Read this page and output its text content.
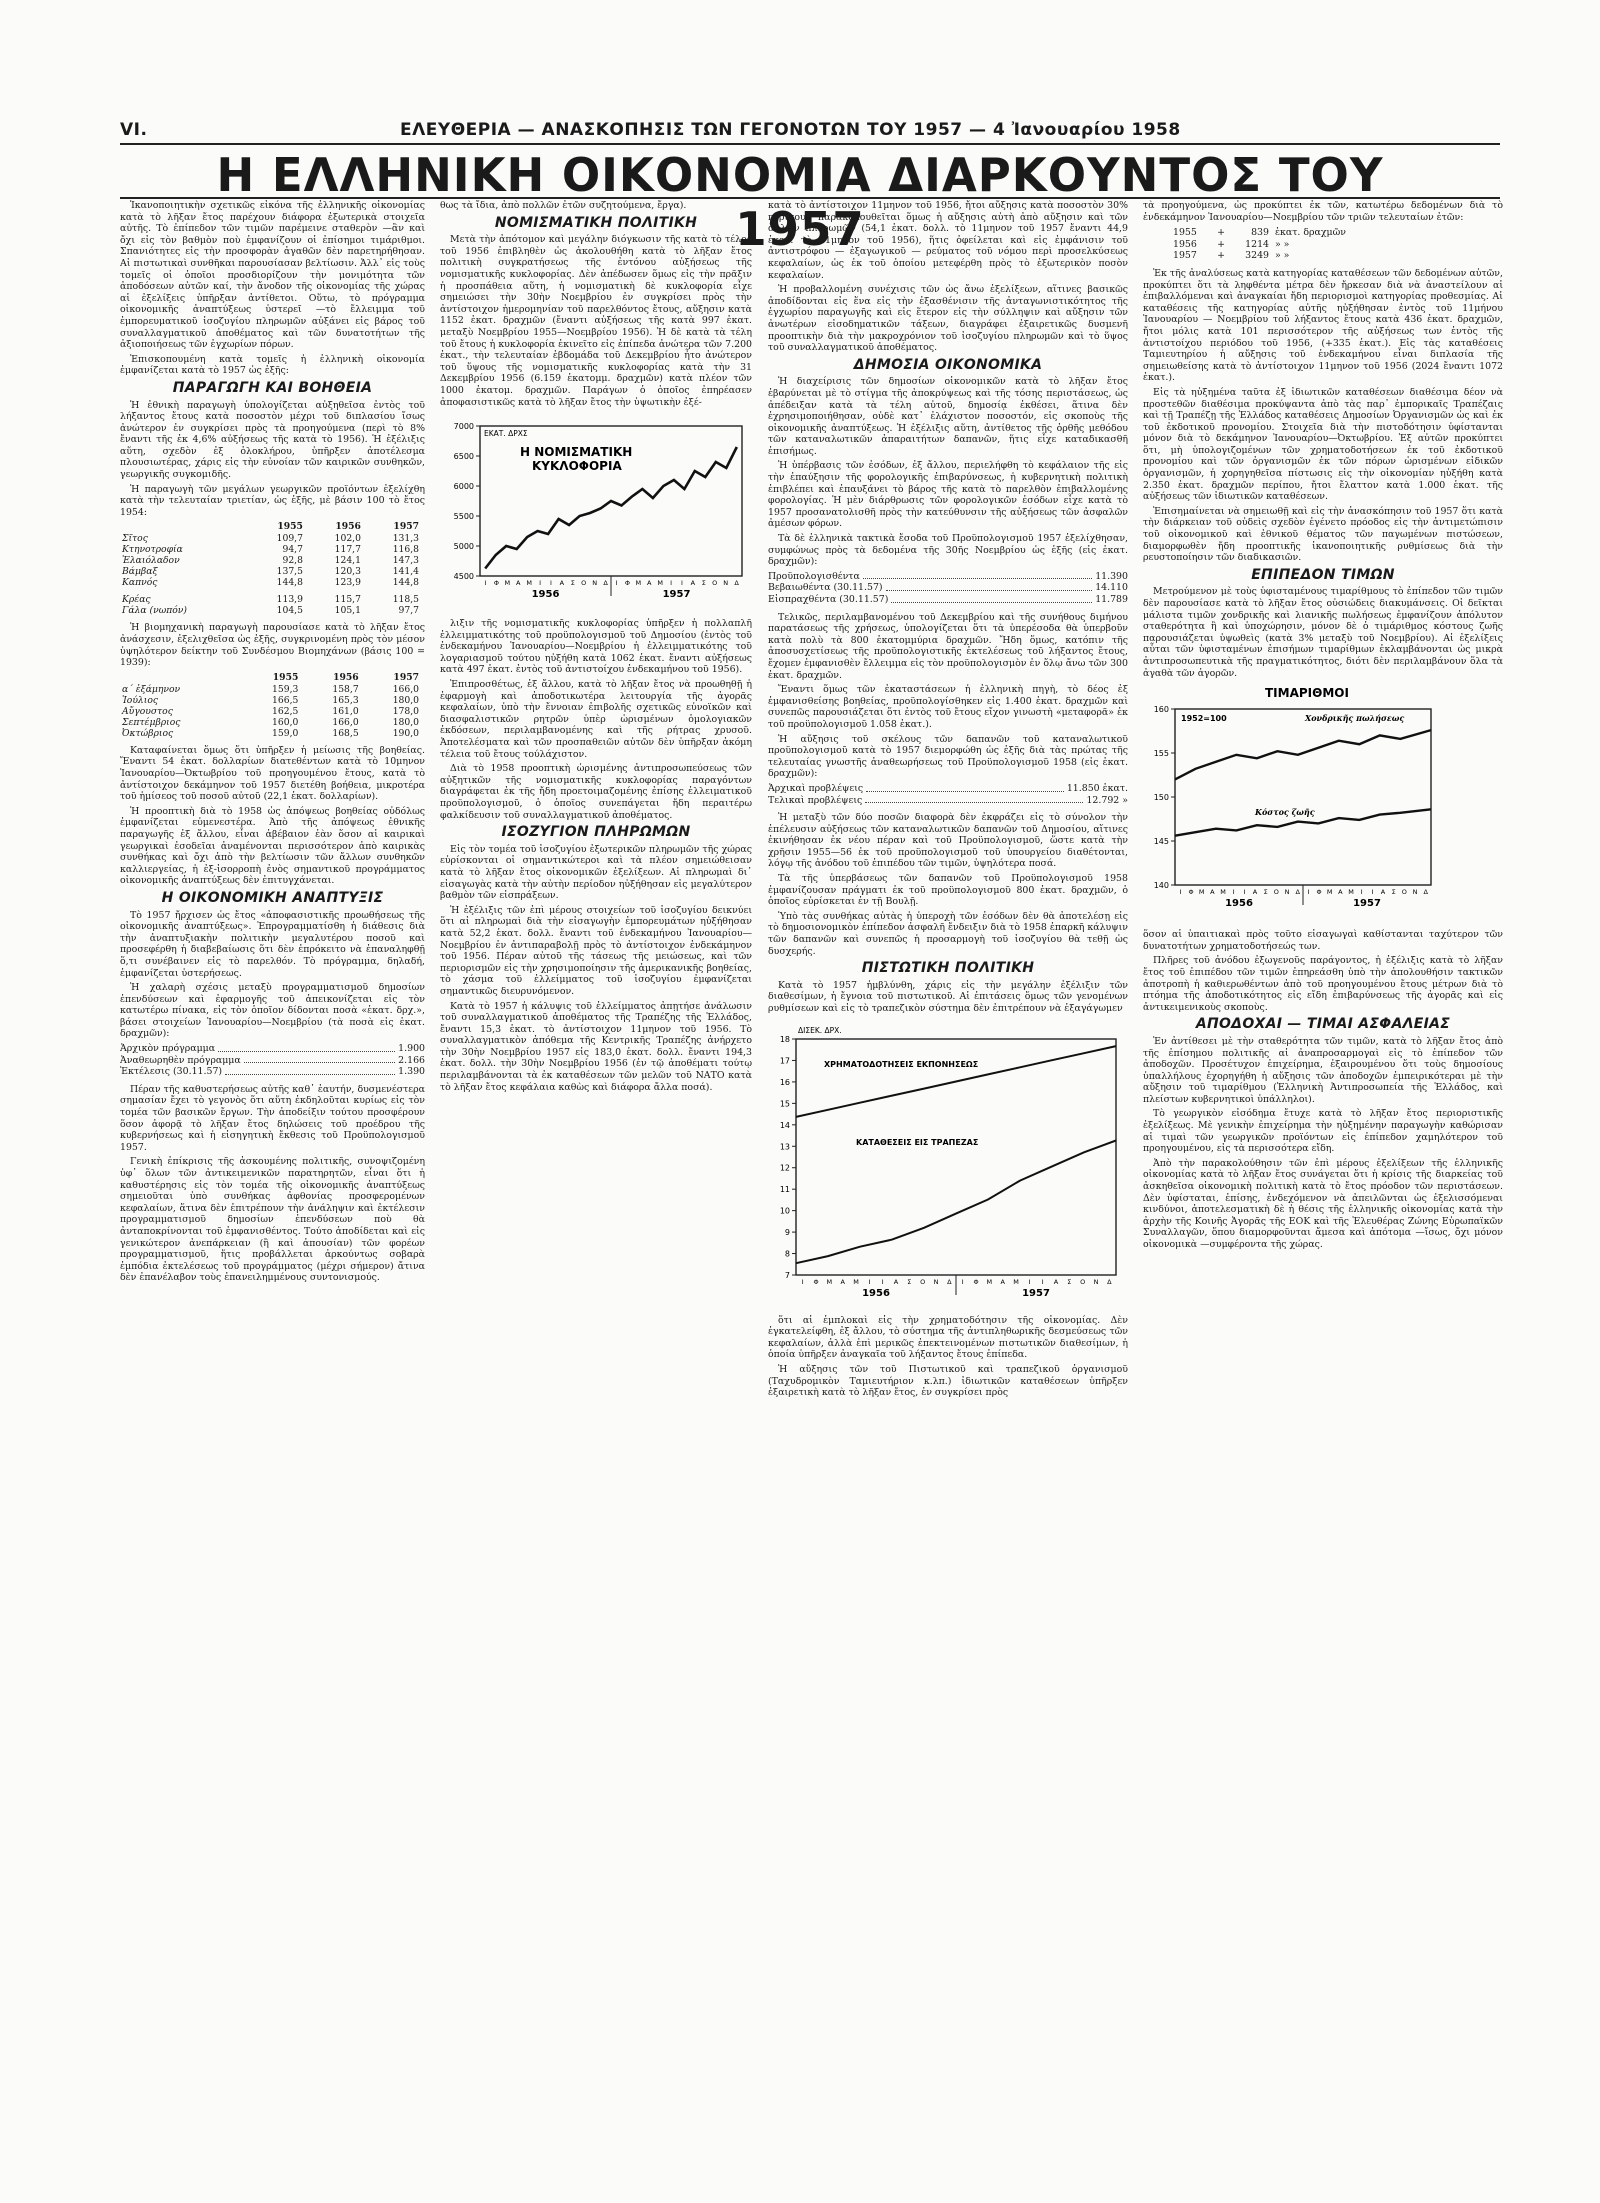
VI.	ΕΛΕΥΘΕΡΙΑ — ΑΝΑΣΚΟΠΗΣΙΣ ΤΩΝ ΓΕΓΟΝΟΤΩΝ ΤΟΥ 1957 — 4 Ἰανουαρίου 1958
Η ΕΛΛΗΝΙΚΗ ΟΙΚΟΝΟΜΙΑ ΔΙΑΡΚΟΥΝΤΟΣ ΤΟΥ 1957

Ἱκανοποιητικὴν σχετικῶς εἰκόνα τῆς ἑλληνικῆς οἰκονομίας κατὰ τὸ λῆξαν ἔτος παρέχουν διάφορα ἐξωτερικὰ στοιχεῖα αὐτῆς. Τὸ ἐπίπεδον τῶν τιμῶν παρέμεινε σταθερὸν —ἂν καὶ ὄχι εἰς τὸν βαθμὸν ποὺ ἐμφανίζουν οἱ ἐπίσημοι τιμάριθμοι. Σπανιότητες εἰς τὴν προσφορὰν ἀγαθῶν δὲν παρετηρήθησαν. Αἱ πιστωτικαὶ συνθῆκαι παρουσίασαν βελτίωσιν. Ἀλλ᾽ εἰς τοὺς τομεῖς οἱ ὁποῖοι προσδιορίζουν τὴν μονιμότητα τῶν ἀποδόσεων αὐτῶν καί, τὴν ἄνοδον τῆς οἰκονομίας τῆς χώρας αἱ ἐξελίξεις ὑπῆρξαν ἀντίθετοι. Οὕτω, τὸ πρόγραμμα οἰκονομικῆς ἀναπτύξεως ὑστερεῖ —τὸ ἔλλειμμα τοῦ ἐμπορευματικοῦ ἰσοζυγίου πληρωμῶν αὐξάνει εἰς βάρος τοῦ συναλλαγματικοῦ ἀποθέματος καὶ τῶν δυνατοτήτων τῆς ἀξιοποιήσεως τῶν ἐγχωρίων πόρων.

Ἐπισκοπουμένη κατὰ τομεῖς ἡ ἑλληνικὴ οἰκονομία ἐμφανίζεται κατὰ τὸ 1957 ὡς ἑξῆς:

ΠΑΡΑΓΩΓΗ ΚΑΙ ΒΟΗΘΕΙΑ

Ἡ ἐθνικὴ παραγωγὴ ὑπολογίζεται αὐξηθεῖσα ἐντὸς τοῦ λήξαντος ἔτους κατὰ ποσοστὸν μέχρι τοῦ διπλασίου ἴσως ἀνώτερον ἐν συγκρίσει πρὸς τὰ προηγούμενα (περὶ τὸ 8% ἔναντι τῆς ἐκ 4,6% αὐξήσεως τῆς κατὰ τὸ 1956). Ἡ ἐξέλιξις αὕτη, σχεδὸν ἐξ ὁλοκλήρου, ὑπῆρξεν ἀποτέλεσμα πλουσιωτέρας, χάρις εἰς τὴν εὐνοίαν τῶν καιρικῶν συνθηκῶν, γεωργικῆς συγκομιδῆς.

Ἡ παραγωγὴ τῶν μεγάλων γεωργικῶν προϊόντων ἐξελίχθη κατὰ τὴν τελευταίαν τριετίαν, ὡς ἑξῆς, μὲ βάσιν 100 τὸ ἔτος 1954:

	1955	1956	1957
Σῖτος	109,7	102,0	131,3
Κτηνοτροφία	94,7	117,7	116,8
Ἐλαιόλαδον	92,8	124,1	147,3
Βάμβαξ	137,5	120,3	141,4
Καπνός	144,8	123,9	144,8

Κρέας	113,9	115,7	118,5
Γάλα (νωπόν)	104,5	105,1	97,7

Ἡ βιομηχανικὴ παραγωγὴ παρουσίασε κατὰ τὸ λῆξαν ἔτος ἀνάσχεσιν, ἐξελιχθεῖσα ὡς ἑξῆς, συγκρινομένη πρὸς τὸν μέσον ὑψηλότερον δείκτην τοῦ Συνδέσμου Βιομηχάνων (βάσις 100 = 1939):

	1955	1956	1957
α΄ ἑξάμηνον	159,3	158,7	166,0
Ἰούλιος	166,5	165,3	180,0
Αὔγουστος	162,5	161,0	178,0
Σεπτέμβριος	160,0	166,0	180,0
Ὀκτώβριος	159,0	168,5	190,0

Καταφαίνεται ὅμως ὅτι ὑπῆρξεν ἡ μείωσις τῆς βοηθείας. Ἔναντι 54 ἑκατ. δολλαρίων διατεθέντων κατὰ τὸ 10μηνον Ἰανουαρίου—Ὀκτωβρίου τοῦ προηγουμένου ἔτους, κατὰ τὸ ἀντίστοιχον δεκάμηνον τοῦ 1957 διετέθη βοήθεια, μικροτέρα τοῦ ἡμίσεος τοῦ ποσοῦ αὐτοῦ (22,1 ἑκατ. δολλαρίων).

Ἡ προοπτικὴ διὰ τὸ 1958 ὡς ἀπόψεως βοηθείας οὐδόλως ἐμφανίζεται εὐμενεστέρα. Ἀπὸ τῆς ἀπόψεως ἐθνικῆς παραγωγῆς ἐξ ἄλλου, εἶναι ἀβέβαιον ἐὰν ὅσον αἱ καιρικαὶ γεωργικαὶ ἐσοδεῖαι ἀναμένονται περισσότερον ἀπὸ καιρικὰς συνθήκας καὶ ὄχι ἀπὸ τὴν βελτίωσιν τῶν ἄλλων συνθηκῶν καλλιεργείας, ἡ ἐξ-ἰσορροπὴ ἐνὸς σημαντικοῦ προγράμματος οἰκονομικῆς ἀναπτύξεως δὲν ἐπιτυγχάνεται.

Η ΟΙΚΟΝΟΜΙΚΗ ΑΝΑΠΤΥΞΙΣ

Τὸ 1957 ἤρχισεν ὡς ἔτος «ἀποφασιστικῆς προωθήσεως τῆς οἰκονομικῆς ἀναπτύξεως». Ἐπρογραμματίσθη ἡ διάθεσις διὰ τὴν ἀναπτυξιακὴν πολιτικὴν μεγαλυτέρου ποσοῦ καὶ προσεφέρθη ἡ διαβεβαίωσις ὅτι δὲν ἐπρόκειτο νὰ ἐπαναληφθῇ ὅ,τι συνέβαινεν εἰς τὸ παρελθόν. Τὸ πρόγραμμα, δηλαδή, ἐμφανίζεται ὑστερήσεως.

Ἡ χαλαρὴ σχέσις μεταξὺ προγραμματισμοῦ δημοσίων ἐπενδύσεων καὶ ἐφαρμογῆς τοῦ ἀπεικονίζεται εἰς τὸν κατωτέρω πίνακα, εἰς τὸν ὁποῖον δίδονται ποσὰ «ἑκατ. δρχ.», βάσει στοιχείων Ἰανουαρίου—Νοεμβρίου (τὰ ποσὰ εἰς ἑκατ. δραχμῶν):

Ἀρχικὸν πρόγραμμα	1.900
Ἀναθεωρηθὲν πρόγραμμα	2.166
Ἐκτέλεσις (30.11.57)	1.390

Πέραν τῆς καθυστερήσεως αὐτῆς καθ᾽ ἑαυτήν, δυσμενέστερα σημασίαν ἔχει τὸ γεγονὸς ὅτι αὕτη ἐκδηλοῦται κυρίως εἰς τὸν τομέα τῶν βασικῶν ἔργων. Τὴν ἀποδείξιν τούτου προσφέρουν ὅσον ἀφορᾷ τὸ λῆξαν ἔτος δηλώσεις τοῦ προέδρου τῆς κυβερνήσεως καὶ ἡ εἰσηγητικὴ ἔκθεσις τοῦ Προϋπολογισμοῦ 1957.

Γενικὴ ἐπίκρισις τῆς ἀσκουμένης πολιτικῆς, συνοψιζομένη ὑφ᾽ ὅλων τῶν ἀντικειμενικῶν παρατηρητῶν, εἶναι ὅτι ἡ καθυστέρησις εἰς τὸν τομέα τῆς οἰκονομικῆς ἀναπτύξεως σημειοῦται ὑπὸ συνθήκας ἀφθονίας προσφερομένων κεφαλαίων, ἅτινα δὲν ἐπιτρέπουν τὴν ἀνάληψιν καὶ ἐκτέλεσιν προγραμματισμοῦ δημοσίων ἐπενδύσεων ποὺ θὰ ἀνταποκρίνονται τοῦ ἐμφανισθέντος. Τούτο ἀποδίδεται καὶ εἰς γενικώτερον ἀνεπάρκειαν (ἢ καὶ ἀπουσίαν) τῶν φορέων προγραμματισμοῦ, ἥτις προβάλλεται ἀρκούντως σοβαρὰ ἐμπόδια ἐκτελέσεως τοῦ προγράμματος (μέχρι σήμερον) ἄτινα δὲν ἐπανέλαβον τοὺς ἐπανειλημμένους συντονισμούς.

θως τὰ ἴδια, ἀπὸ πολλῶν ἐτῶν συζητούμενα, ἔργα).

ΝΟΜΙΣΜΑΤΙΚΗ ΠΟΛΙΤΙΚΗ

Μετὰ τὴν ἀπότομον καὶ μεγάλην διόγκωσιν τῆς κατὰ τὸ τέλος τοῦ 1956 ἐπιβληθὲν ὡς ἀκολουθήθη κατὰ τὸ λῆξαν ἔτος πολιτικὴ συγκρατήσεως τῆς ἐντόνου αὐξήσεως τῆς νομισματικῆς κυκλοφορίας. Δὲν ἀπέδωσεν ὅμως εἰς τὴν πρᾶξιν ἡ προσπάθεια αὕτη, ἡ νομισματικὴ δὲ κυκλοφορία εἶχε σημειώσει τὴν 30ὴν Νοεμβρίου ἐν συγκρίσει πρὸς τὴν ἀντίστοιχον ἡμερομηνίαν τοῦ παρελθόντος ἔτους, αὔξησιν κατὰ 1152 ἑκατ. δραχμῶν (ἔναντι αὐξήσεως τῆς κατὰ 997 ἑκατ. μεταξὺ Νοεμβρίου 1955—Νοεμβρίου 1956). Ἡ δὲ κατὰ τὰ τέλη τοῦ ἔτους ἡ κυκλοφορία ἐκινεῖτο εἰς ἐπίπεδα ἀνώτερα τῶν 7.200 ἑκατ., τὴν τελευταίαν ἑβδομάδα τοῦ Δεκεμβρίου ἦτο ἀνώτερον τοῦ ὕψους τῆς νομισματικῆς κυκλοφορίας κατὰ τὴν 31 Δεκεμβρίου 1956 (6.159 ἑκατομμ. δραχμῶν) κατὰ πλέον τῶν 1000 ἑκατομ. δραχμῶν. Παράγων ὁ ὁποῖος ἐπηρέασεν ἀποφασιστικῶς κατὰ τὸ λῆξαν ἔτος τὴν ὑψωτικὴν ἐξέ-

7000
6500
6000
5500
5000
4500
Ι Φ Μ Α Μ Ι Ι Α Σ Ο Ν Δ Ι Φ Μ Α Μ Ι Ι Α Σ Ο Ν Δ
1956	1957
ΕΚΑΤ. ΔΡΧΣ
Η ΝΟΜΙΣΜΑΤΙΚΗ
ΚΥΚΛΟΦΟΡΙΑ

λιξιν τῆς νομισματικῆς κυκλοφορίας ὑπῆρξεν ἡ πολλαπλῆ ἐλλειμματικότης τοῦ προϋπολογισμοῦ τοῦ Δημοσίου (ἐντὸς τοῦ ἑνδεκαμήνου Ἰανουαρίου—Νοεμβρίου ἡ ἐλλειμματικότης τοῦ λογαριασμοῦ τούτου ηὐξήθη κατὰ 1062 ἑκατ. ἔναντι αὐξήσεως κατὰ 497 ἑκατ. ἐντὸς τοῦ ἀντιστοίχου ἑνδεκαμήνου τοῦ 1956).

Ἐπιπροσθέτως, ἐξ ἄλλου, κατὰ τὸ λῆξαν ἔτος νὰ προωθηθῇ ἡ ἐφαρμογὴ καὶ ἀποδοτικωτέρα λειτουργία τῆς ἀγορᾶς κεφαλαίων, ὑπὸ τὴν ἔννοιαν ἐπιβολῆς σχετικῶς εὐνοϊκῶν καὶ διασφαλιστικῶν ρητρῶν ὑπὲρ ὡρισμένων ὁμολογιακῶν ἐκδόσεων, περιλαμβανομένης καὶ τῆς ρήτρας χρυσοῦ. Ἀποτελέσματα καὶ τῶν προσπαθειῶν αὐτῶν δὲν ὑπῆρξαν ἀκόμη τέλεια τοῦ ἔτους τούλάχιστον.

Διὰ τὸ 1958 προοπτικὴ ὡρισμένης ἀντιπροσωπεύσεως τῶν αὐξητικῶν τῆς νομισματικῆς κυκλοφορίας παραγόντων διαγράφεται ἐκ τῆς ἤδη προετοιμαζομένης ἐπίσης ἐλλειματικοῦ προϋπολογισμοῦ, ὁ ὁποῖος συνεπάγεται ἤδη περαιτέρω φαλκίδευσιν τοῦ συναλλαγματικοῦ ἀποθέματος.

ΙΣΟΖΥΓΙΟΝ ΠΛΗΡΩΜΩΝ

Εἰς τὸν τομέα τοῦ ἰσοζυγίου ἐξωτερικῶν πληρωμῶν τῆς χώρας εὑρίσκονται οἱ σημαντικώτεροι καὶ τὰ πλέον σημειώθεισαν κατὰ τὸ λῆξαν ἔτος οἰκονομικῶν ἐξελίξεων. Αἱ πληρωμαὶ δι᾽ εἰσαγωγὰς κατὰ τὴν αὐτὴν περίοδον ηὐξήθησαν εἰς μεγαλύτερον βαθμὸν τῶν εἰσπράξεων.

Ἡ ἐξέλιξις τῶν ἐπὶ μέρους στοιχείων τοῦ ἰσοζυγίου δεικνύει ὅτι αἱ πληρωμαὶ διὰ τὴν εἰσαγωγὴν ἐμπορευμάτων ηὐξήθησαν κατὰ 52,2 ἑκατ. δολλ. ἔναντι τοῦ ἑνδεκαμήνου Ἰανουαρίου—Νοεμβρίου ἐν ἀντιπαραβολῇ πρὸς τὸ ἀντίστοιχον ἑνδεκάμηνον τοῦ 1956. Πέραν αὐτοῦ τῆς τάσεως τῆς μειώσεως, καὶ τῶν περιορισμῶν εἰς τὴν χρησιμοποίησιν τῆς ἀμερικανικῆς βοηθείας, τὸ χάσμα τοῦ ἐλλείμματος τοῦ ἰσοζυγίου ἐμφανίζεται σημαντικῶς διευρυνόμενον.

Κατὰ τὸ 1957 ἡ κάλυψις τοῦ ἐλλείμματος ἀπῃτήσε ἀνάλωσιν τοῦ συναλλαγματικοῦ ἀποθέματος τῆς Τραπέζης τῆς Ἑλλάδος, ἔναντι 15,3 ἑκατ. τὸ ἀντίστοιχον 11μηνον τοῦ 1956. Τὸ συναλλαγματικὸν ἀπόθεμα τῆς Κεντρικῆς Τραπέζης ἀνήρχετο τὴν 30ὴν Νοεμβρίου 1957 εἰς 183,0 ἑκατ. δολλ. ἔναντι 194,3 ἑκατ. δολλ. τὴν 30ὴν Νοεμβρίου 1956 (ἐν τῷ ἀποθέματι τούτῳ περιλαμβάνονται τὰ ἐκ καταθέσεων τῶν μελῶν τοῦ ΝΑΤΟ κατὰ τὸ λῆξαν ἔτος κεφάλαια καθὼς καὶ διάφορα ἄλλα ποσά).

κατὰ τὸ ἀντίστοιχον 11μηνον τοῦ 1956, ἤτοι αὔξησις κατὰ ποσοστὸν 30% περίπου), παρακολουθεῖται ὅμως ἡ αὔξησις αὐτὴ ἀπὸ αὔξησιν καὶ τῶν ἄλλων πληρωμῶν (54,1 ἑκατ. δολλ. τὸ 11μηνον τοῦ 1957 ἔναντι 44,9 ἑκατ. τὸ 11μηνον τοῦ 1956), ἥτις ὀφείλεται καὶ εἰς ἐμφάνισιν τοῦ ἀντιστρόφου — ἐξαγωγικοῦ — ρεύματος τοῦ νόμου περὶ προσελκύσεως κεφαλαίων, ὡς ἐκ τοῦ ὁποίου μετεφέρθη πρὸς τὸ ἐξωτερικὸν ποσὸν κεφαλαίων.

Ἡ προβαλλομένη συνέχισις τῶν ὡς ἄνω ἐξελίξεων, αἵτινες βασικῶς ἀποδίδονται εἰς ἕνα εἰς τὴν ἐξασθένισιν τῆς ἀνταγωνιστικότητος τῆς ἐγχωρίου παραγωγῆς καὶ εἰς ἕτερον εἰς τὴν σύλληψιν καὶ αὔξησιν τῶν ἀνωτέρων εἰσοδηματικῶν τάξεων, διαγράφει ἐξαιρετικῶς δυσμενῆ προοπτικὴν διὰ τὴν μακροχρόνιον τοῦ ἰσοζυγίου πληρωμῶν καὶ τὸ ὕψος τοῦ συναλλαγματικοῦ ἀποθέματος.

ΔΗΜΟΣΙΑ ΟΙΚΟΝΟΜΙΚΑ

Ἡ διαχείρισις τῶν δημοσίων οἰκονομικῶν κατὰ τὸ λῆξαν ἔτος ἐβαρύνεται μὲ τὸ στίγμα τῆς ἀποκρύψεως καὶ τῆς τόσης περιστάσεως, ὡς ἀπέδειξαν κατὰ τὰ τέλη αὐτοῦ, δημοσίᾳ ἐκθέσει, ἅτινα δὲν ἐχρησιμοποιήθησαν, οὐδὲ κατ᾽ ἐλάχιστον ποσοστόν, εἰς σκοποὺς τῆς οἰκονομικῆς ἀναπτύξεως. Ἡ ἐξέλιξις αὕτη, ἀντίθετος τῆς ὀρθῆς μεθόδου τῶν καταναλωτικῶν ἀπαραιτήτων δαπανῶν, ἥτις εἶχε καταδικασθῆ ἐπισήμως.

Ἡ ὑπέρβασις τῶν ἐσόδων, ἐξ ἄλλου, περιελήφθη τὸ κεφάλαιον τῆς εἰς τὴν ἐπαύξησιν τῆς φορολογικῆς ἐπιβαρύνσεως, ἡ κυβερνητικὴ πολιτικὴ ἐπιβλέπει καὶ ἐπαυξάνει τὸ βάρος τῆς κατὰ τὸ παρελθὸν ἐπιβαλλομένης φορολογίας. Ἡ μὲν διάρθρωσις τῶν φορολογικῶν ἐσόδων εἶχε κατὰ τὸ 1957 προσανατολισθῆ πρὸς τὴν κατεύθυνσιν τῆς αὐξήσεως τῶν ἀσφαλῶν ἀμέσων φόρων.

Τὰ δὲ ἑλληνικὰ τακτικὰ ἔσοδα τοῦ Προϋπολογισμοῦ 1957 ἐξελίχθησαν, συμφώνως πρὸς τὰ δεδομένα τῆς 30ῆς Νοεμβρίου ὡς ἑξῆς (εἰς ἑκατ. δραχμῶν):

Προϋπολογισθέντα	11.390
Βεβαιωθέντα (30.11.57)	14.110
Εἰσπραχθέντα (30.11.57)	11.789

Τελικῶς, περιλαμβανομένου τοῦ Δεκεμβρίου καὶ τῆς συνήθους διμήνου παρατάσεως τῆς χρήσεως, ὑπολογίζεται ὅτι τὰ ὑπερέσοδα θὰ ὑπερβοῦν κατὰ πολὺ τὰ 800 ἑκατομμύρια δραχμῶν. Ἤδη ὅμως, κατόπιν τῆς ἀποσυσχετίσεως τῆς προϋπολογιστικῆς ἐκτελέσεως τοῦ λήξαντος ἔτους, ἔχομεν ἐμφανισθὲν ἔλλειμμα εἰς τὸν προϋπολογισμὸν ἐν ὅλῳ ἄνω τῶν 300 ἑκατ. δραχμῶν.

Ἔναντι ὅμως τῶν ἐκαταστάσεων ἡ ἐλληνικὴ πηγὴ, τὸ δέος ἐξ ἐμφανισθείσης βοηθείας, προϋπολογίσθηκεν εἰς 1.400 ἑκατ. δραχμῶν καὶ συνεπῶς παρουσιάζεται ὅτι ἐντὸς τοῦ ἔτους εἴχον γινωστὴ «μεταφορᾶ» ἐκ τοῦ προϋπολογισμοῦ 1.058 ἑκατ.).

Ἡ αὔξησις τοῦ σκέλους τῶν δαπανῶν τοῦ καταναλωτικοῦ προϋπολογισμοῦ κατὰ τὸ 1957 διεμορφώθη ὡς ἑξῆς διὰ τὰς πρώτας τῆς τελευταίας γνωστῆς ἀναθεωρήσεως τοῦ Προϋπολογισμοῦ 1958 (εἰς ἑκατ. δραχμῶν):

Ἀρχικαὶ προβλέψεις	11.850 ἑκατ.
Τελικαὶ προβλέψεις	12.792 »

Ἡ μεταξὺ τῶν δύο ποσῶν διαφορὰ δὲν ἐκφράζει εἰς τὸ σύνολον τὴν ἐπέλευσιν αὐξήσεως τῶν καταναλωτικῶν δαπανῶν τοῦ Δημοσίου, αἵτινες ἐκινήθησαν ἐκ νέου πέραν καὶ τοῦ Προϋπολογισμοῦ, ὥστε κατὰ τὴν χρῆσιν 1955—56 ἐκ τοῦ προϋπολογισμοῦ τοῦ ὑπουργείου διαθέτονται, λόγῳ τῆς ἀνόδου τοῦ ἐπιπέδου τῶν τιμῶν, ὑψηλότερα ποσά.

Τὰ τῆς ὑπερβάσεως τῶν δαπανῶν τοῦ Προϋπολογισμοῦ 1958 ἐμφανίζουσαν πράγματι ἐκ τοῦ προϋπολογισμοῦ 800 ἑκατ. δραχμῶν, ὁ ὁποῖος εὑρίσκεται ἐν τῇ Βουλῇ.

Ὑπὸ τὰς συνθήκας αὐτὰς ἡ ὑπεροχὴ τῶν ἐσόδων δὲν θὰ ἀποτελέσῃ εἰς τὸ δημοσιονομικὸν ἐπίπεδον ἀσφαλῆ ἔνδειξιν διὰ τὸ 1958 ἐπαρκῆ κάλυψιν τῶν δαπανῶν καὶ συνεπῶς ἡ προσαρμογὴ τοῦ ἰσοζυγίου θὰ τεθῇ ὡς δυσχερής.

ΠΙΣΤΩΤΙΚΗ ΠΟΛΙΤΙΚΗ

Κατὰ τὸ 1957 ἠμβλύνθη, χάρις εἰς τὴν μεγάλην ἐξέλιξιν τῶν διαθεσίμων, ἡ ἔγνοια τοῦ πιστωτικοῦ. Αἱ ἐπιτάσεις ὅμως τῶν γενομένων ρυθμίσεων καὶ εἰς τὸ τραπεζικὸν σύστημα δὲν ἐπιτρέπουν νὰ ἐξαγάγωμεν

18
17
16
15
14
13
12
11
10
9
8
7
Ι Φ Μ Α Μ Ι Ι Α Σ Ο Ν Δ Ι Φ Μ Α Μ Ι Ι Α Σ Ο Ν Δ
1956	1957
ΔΙΣΕΚ. ΔΡΧ.
ΧΡΗΜΑΤΟΔΟΤΗΣΕΙΣ ΕΚΠΟΝΗΣΕΩΣ
ΚΑΤΑΘΕΣΕΙΣ ΕΙΣ ΤΡΑΠΕΖΑΣ

ὅτι αἱ ἐμπλοκαὶ εἰς τὴν χρηματοδότησιν τῆς οἰκονομίας. Δὲν ἐγκατελείφθη, ἐξ ἄλλου, τὸ σύστημα τῆς ἀντιπληθωρικῆς δεσμεύσεως τῶν κεφαλαίων, ἀλλὰ ἐπὶ μερικῶς ἐπεκτεινομένων πιστωτικῶν διαθεσίμων, ἡ ὁποία ὑπῆρξεν ἀναγκαῖα τοῦ λήξαντος ἔτους ἐπίπεδα.

Ἡ αὔξησις τῶν τοῦ Πιστωτικοῦ καὶ τραπεζικοῦ ὀργανισμοῦ (Ταχυδρομικὸν Ταμιευτήριον κ.λπ.) ἰδιωτικῶν καταθέσεων ὑπῆρξεν ἐξαιρετικὴ κατὰ τὸ λῆξαν ἔτος, ἐν συγκρίσει πρὸς

τὰ προηγούμενα, ὡς προκύπτει ἐκ τῶν, κατωτέρω δεδομένων διὰ τὸ ἑνδεκάμηνον Ἰανουαρίου—Νοεμβρίου τῶν τριῶν τελευταίων ἐτῶν:

1955 +	839 ἑκατ. δραχμῶν
1956 + 1214 » »
1957 + 3249 » »

Ἐκ τῆς ἀναλύσεως κατὰ κατηγορίας καταθέσεων τῶν δεδομένων αὐτῶν, προκύπτει ὅτι τὰ ληφθέντα μέτρα δὲν ἤρκεσαν διὰ νὰ ἀναστείλουν αἱ ἐπιβαλλόμεναι καὶ ἀναγκαίαι ἤδη περιορισμοὶ κατηγορίας προθεσμίας. Αἱ καταθέσεις τῆς κατηγορίας αὐτῆς ηὐξήθησαν ἐντὸς τοῦ 11μήνου Ἰανουαρίου — Νοεμβρίου τοῦ λήξαντος ἔτους κατὰ 436 ἑκατ. δραχμῶν, ἤτοι μόλις κατὰ 101 περισσότερον τῆς αὐξήσεως των ἐντὸς τῆς ἀντιστοίχου περιόδου τοῦ 1956, (+335 ἑκατ.). Εἰς τὰς καταθέσεις Ταμιευτηρίου ἡ αὔξησις τοῦ ἑνδεκαμήνου εἶναι διπλασία τῆς σημειωθείσης κατὰ τὸ ἀντίστοιχον 11μηνον τοῦ 1956 (2024 ἔναντι 1072 ἑκατ.).

Εἰς τὰ ηὐξημένα ταῦτα ἐξ ἰδιωτικῶν καταθέσεων διαθέσιμα δέον νὰ προστεθῶν διαθέσιμα προκύψαντα ἀπὸ τὰς παρ᾽ ἐμπορικαῖς Τραπέζαις καὶ τῇ Τραπέζῃ τῆς Ἑλλάδος καταθέσεις Δημοσίων Ὀργανισμῶν ὡς καὶ ἐκ τοῦ ἐκδοτικοῦ προνομίου. Στοιχεῖα διὰ τὴν πιστοδότησιν ὑφίστανται μόνον διὰ τὸ δεκάμηνον Ἰανουαρίου—Ὀκτωβρίου. Ἐξ αὐτῶν προκύπτει ὅτι, μὴ ὑπολογιζομένων τῶν χρηματοδοτήσεων ἐκ τοῦ ἐκδοτικοῦ προνομίου καὶ τῶν ὀργανισμῶν ἐκ τῶν πόρων ὡρισμένων εἰδικῶν ὀργανισμῶν, ἡ χορηγηθεῖσα πίστωσις εἰς τὴν οἰκονομίαν ηὐξήθη κατὰ 2.350 ἑκατ. δραχμῶν περίπου, ἤτοι ἔλαττον κατὰ 1.000 ἑκατ. τῆς αὐξήσεως τῶν ἰδιωτικῶν καταθέσεων.

Ἐπισημαίνεται νὰ σημειωθῇ καὶ εἰς τὴν ἀνασκόπησιν τοῦ 1957 ὅτι κατὰ τὴν διάρκειαν τοῦ οὐδεὶς σχεδὸν ἐγένετο πρόοδος εἰς τὴν ἀντιμετώπισιν τοῦ οἰκονομικοῦ καὶ ἐθνικοῦ θέματος τῶν παγωμένων πιστώσεων, διαμορφωθὲν ἤδη προοπτικῆς ἱκανοποιητικῆς ρυθμίσεως διὰ τὴν ρευστοποίησιν τῶν διαδικασιῶν.

ΕΠΙΠΕΔΟΝ ΤΙΜΩΝ

Μετρούμενον μὲ τοὺς ὑφισταμένους τιμαρίθμους τὸ ἐπίπεδον τῶν τιμῶν δὲν παρουσίασε κατὰ τὸ λῆξαν ἔτος οὐσιώδεις διακυμάνσεις. Οἱ δεῖκται μάλιστα τιμῶν χονδρικῆς καὶ λιανικῆς πωλήσεως ἐμφανίζουν ἀπόλυτον σταθερότητα ἢ καὶ ὑποχώρησιν, μόνον δὲ ὁ τιμάριθμος κόστους ζωῆς παρουσιάζεται ὑψωθεὶς (κατὰ 3% μεταξὺ τοῦ Νοεμβρίου). Αἱ ἐξελίξεις αὗται τῶν ὑφισταμένων ἐπισήμων τιμαρίθμων ἐκλαμβάνονται ὡς μικρὰ ἀντιπροσωπευτικὰ τῆς πραγματικότητος, διότι δὲν περιλαμβάνουν ὅλα τὰ ἀγαθὰ τῶν ἀγορῶν.

160
155
150
145
140
Ι Φ Μ Α Μ Ι Ι Α Σ Ο Ν Δ Ι Φ Μ Α Μ Ι Ι Α Σ Ο Ν Δ
1956	1957
ΤΙΜΑΡΙΘΜΟΙ
1952=100	Χονδρικῆς πωλήσεως
Κόστος ζωῆς

ὅσον αἱ ὑπαιτιακαὶ πρὸς τοῦτο εἰσαγωγαὶ καθίστανται ταχύτερον τῶν δυνατοτήτων χρηματοδοτήσεώς των.

Πλῆρες τοῦ ἀνόδου ἐξωγενοῦς παράγοντος, ἡ ἐξέλιξις κατὰ τὸ λῆξαν ἔτος τοῦ ἐπιπέδου τῶν τιμῶν ἐπηρεάσθη ὑπὸ τὴν ἀπολουθήσιν τακτικῶν ἀποτροπὴ ἡ καθιερωθέντων ἀπὸ τοῦ προηγουμένου ἔτους μέτρων διὰ τὸ πτόημα τῆς ἀποδοτικότητος εἰς εἴδη ἐπιβαρύνσεως τῆς ἀγορᾶς καὶ εἰς ἀντικειμενικοὺς σκοποὺς.

ΑΠΟΔΟΧΑΙ — ΤΙΜΑΙ ΑΣΦΑΛΕΙΑΣ

Ἐν ἀντίθεσει μὲ τὴν σταθερότητα τῶν τιμῶν, κατὰ τὸ λῆξαν ἔτος ἀπὸ τῆς ἐπίσημου πολιτικῆς αἱ ἀναπροσαρμογαὶ εἰς τὸ ἐπίπεδον τῶν ἀποδοχῶν. Προσέτυχον ἐπιχείρημα, ἐξαιρουμένου ὅτι τοὺς δημοσίους ὑπαλλήλους ἐχορηγήθη ἡ αὔξησις τῶν ἀποδοχῶν ἐμπειρικότεραι μὲ τὴν αὔξησιν τοῦ τιμαρίθμου (Ἑλληνικὴ Ἀντιπροσωπεία τῆς Ἑλλάδος, καὶ πλείστων κυβερνητικοὶ ὑπάλληλοι).

Τὸ γεωργικὸν εἰσόδημα ἔτυχε κατὰ τὸ λῆξαν ἔτος περιοριστικῆς ἐξελίξεως. Μὲ γενικὴν ἐπιχείρημα τὴν ηὐξημένην παραγωγὴν καθώρισαν αἱ τιμαὶ τῶν γεωργικῶν προϊόντων εἰς ἐπίπεδον χαμηλότερον τοῦ προηγουμένου, εἰς τὰ περισσότερα εἴδη.

Ἀπὸ τὴν παρακολούθησιν τῶν ἐπὶ μέρους ἐξελίξεων τῆς ἑλληνικῆς οἰκονομίας κατὰ τὸ λῆξαν ἔτος συνάγεται ὅτι ἡ κρίσις τῆς διαρκείας τοῦ ἀσκηθεῖσα οἰκονομικὴ πολιτικὴ κατὰ τὸ ἔτος πρόοδον τῶν περιστάσεων. Δὲν ὑφίσταται, ἐπίσης, ἐνδεχόμενον νὰ ἀπειλῶνται ὡς ἐξελισσόμεναι κινδύνοι, ἀποτελεσματικὴ δὲ ἡ θέσις τῆς ἑλληνικῆς οἰκονομίας κατὰ τὴν ἀρχὴν τῆς Κοινῆς Ἀγορᾶς τῆς ΕΟΚ καὶ τῆς Ἐλευθέρας Ζώνης Εὐρωπαϊκῶν Συναλλαγῶν, ὅπου διαμορφοῦνται ἄμεσα καὶ ἀπότομα —ἴσως, ὄχι μόνον οἰκονομικὰ —συμφέροντα τῆς χώρας.
